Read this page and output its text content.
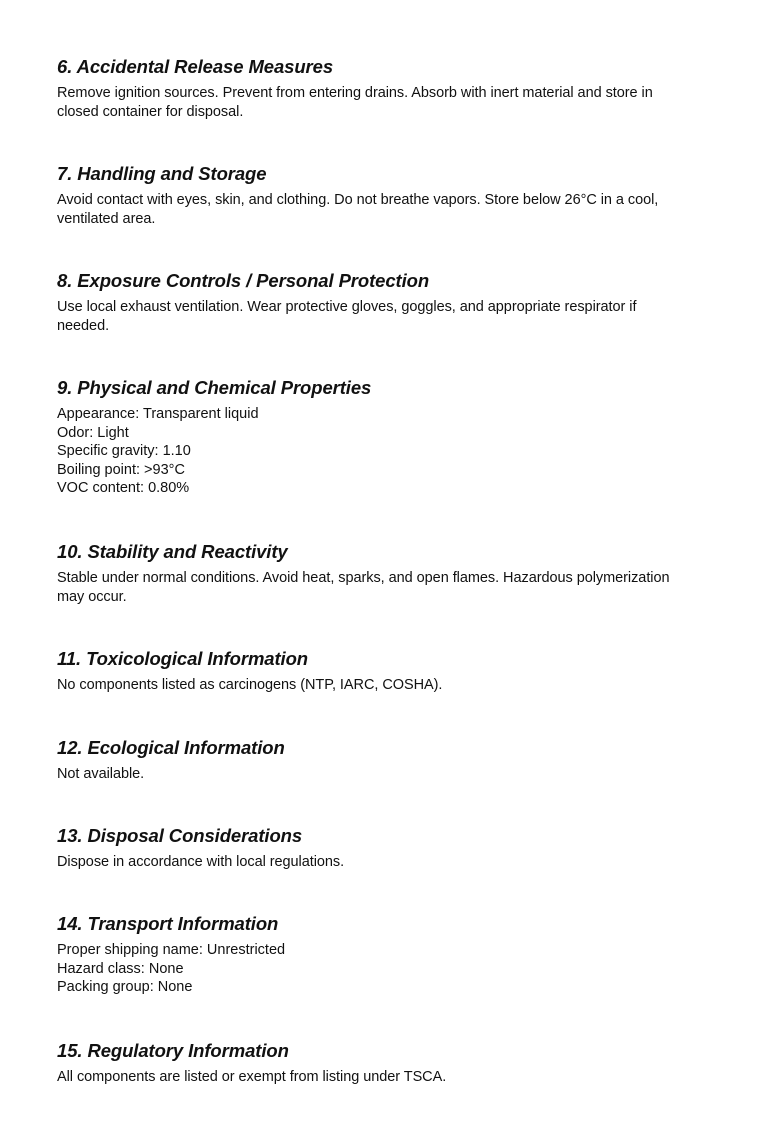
6. Accidental Release Measures
Remove ignition sources. Prevent from entering drains. Absorb with inert material and store in
closed container for disposal.
7. Handling and Storage
Avoid contact with eyes, skin, and clothing. Do not breathe vapors. Store below 26°C in a cool,
ventilated area.
8. Exposure Controls / Personal Protection
Use local exhaust ventilation. Wear protective gloves, goggles, and appropriate respirator if
needed.
9. Physical and Chemical Properties
Appearance: Transparent liquid
Odor: Light
Specific gravity: 1.10
Boiling point: >93°C
VOC content: 0.80%
10. Stability and Reactivity
Stable under normal conditions. Avoid heat, sparks, and open flames. Hazardous polymerization
may occur.
11. Toxicological Information
No components listed as carcinogens (NTP, IARC, COSHA).
12. Ecological Information
Not available.
13. Disposal Considerations
Dispose in accordance with local regulations.
14. Transport Information
Proper shipping name: Unrestricted
Hazard class: None
Packing group: None
15. Regulatory Information
All components are listed or exempt from listing under TSCA.
